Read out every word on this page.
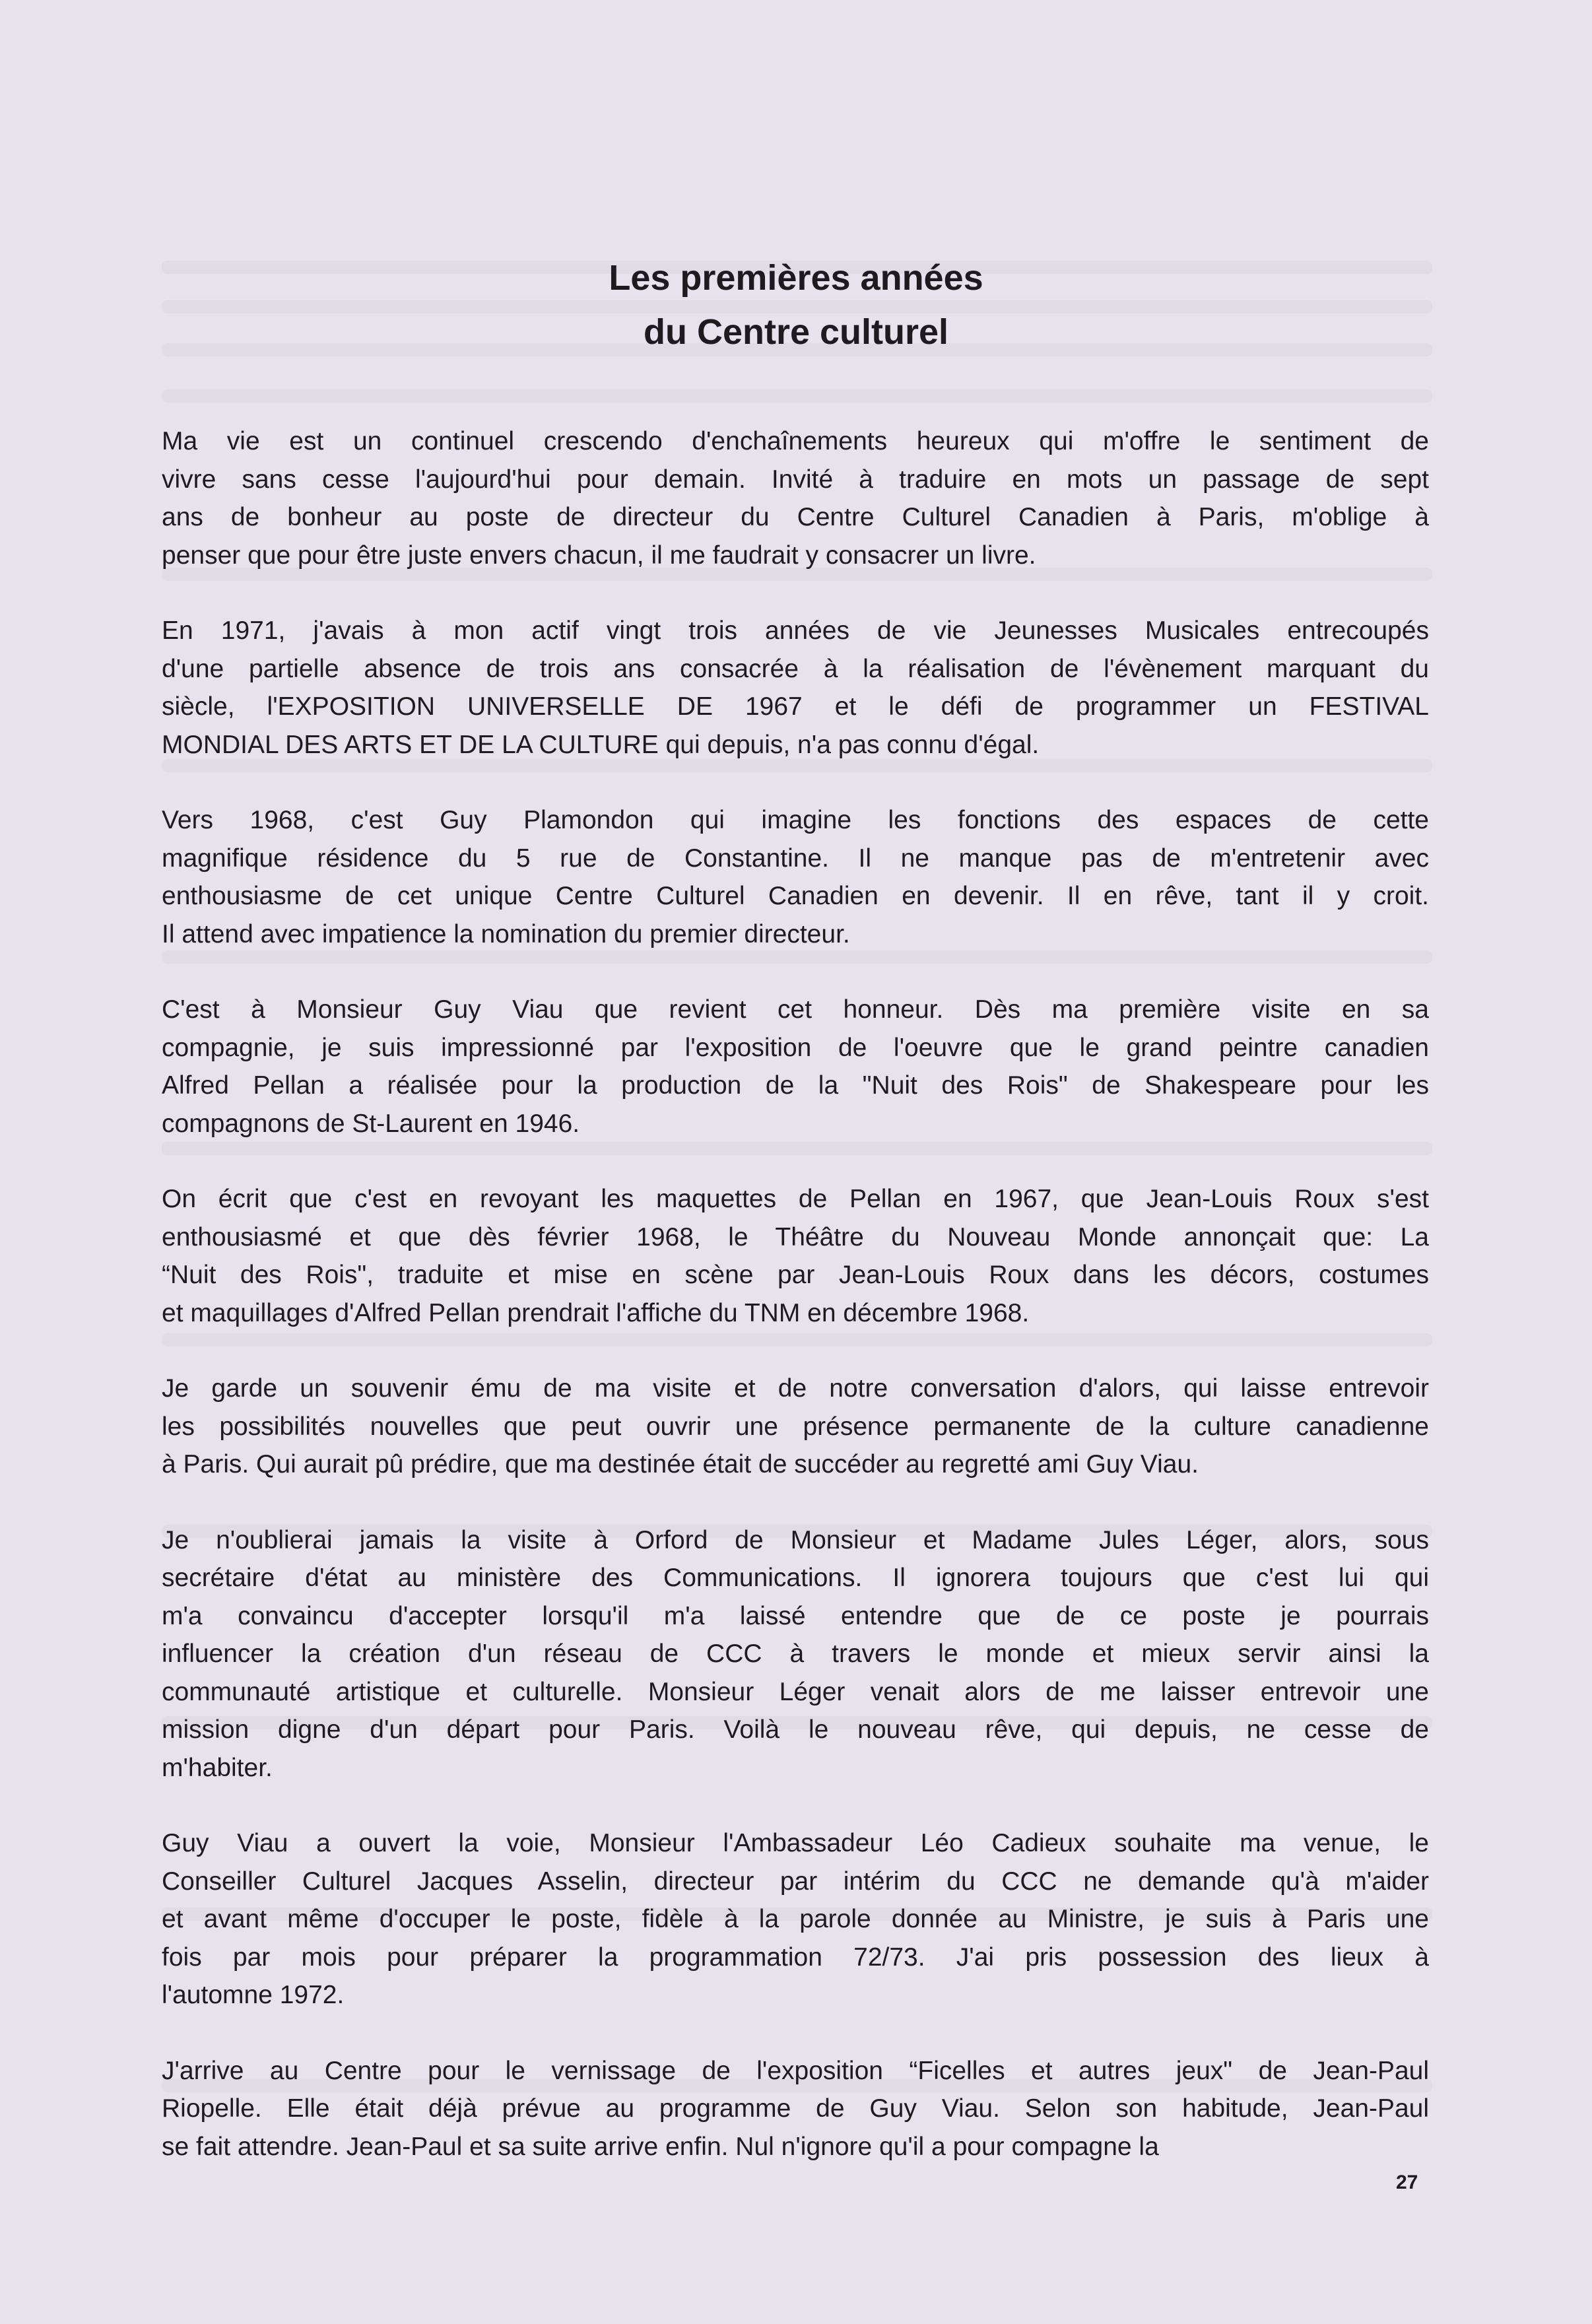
Les premières années
du Centre culturel

Ma vie est un continuel crescendo d'enchaînements heureux qui m'offre le sentiment de
vivre sans cesse l'aujourd'hui pour demain. Invité à traduire en mots un passage de sept
ans de bonheur au poste de directeur du Centre Culturel Canadien à Paris, m'oblige à
penser que pour être juste envers chacun, il me faudrait y consacrer un livre.

En 1971, j'avais à mon actif vingt trois années de vie Jeunesses Musicales entrecoupés
d'une partielle absence de trois ans consacrée à la réalisation de l'évènement marquant du
siècle, l'EXPOSITION UNIVERSELLE DE 1967 et le défi de programmer un FESTIVAL
MONDIAL DES ARTS ET DE LA CULTURE qui depuis, n'a pas connu d'égal.

Vers 1968, c'est Guy Plamondon qui imagine les fonctions des espaces de cette
magnifique résidence du 5 rue de Constantine. Il ne manque pas de m'entretenir avec
enthousiasme de cet unique Centre Culturel Canadien en devenir. Il en rêve, tant il y croit.
Il attend avec impatience la nomination du premier directeur.

C'est à Monsieur Guy Viau que revient cet honneur. Dès ma première visite en sa
compagnie, je suis impressionné par l'exposition de l'oeuvre que le grand peintre canadien
Alfred Pellan a réalisée pour la production de la "Nuit des Rois" de Shakespeare pour les
compagnons de St-Laurent en 1946.

On écrit que c'est en revoyant les maquettes de Pellan en 1967, que Jean-Louis Roux s'est
enthousiasmé et que dès février 1968, le Théâtre du Nouveau Monde annonçait que: La
“Nuit des Rois", traduite et mise en scène par Jean-Louis Roux dans les décors, costumes
et maquillages d'Alfred Pellan prendrait l'affiche du TNM en décembre 1968.

Je garde un souvenir ému de ma visite et de notre conversation d'alors, qui laisse entrevoir
les possibilités nouvelles que peut ouvrir une présence permanente de la culture canadienne
à Paris. Qui aurait pû prédire, que ma destinée était de succéder au regretté ami Guy Viau.

Je n'oublierai jamais la visite à Orford de Monsieur et Madame Jules Léger, alors, sous
secrétaire d'état au ministère des Communications. Il ignorera toujours que c'est lui qui
m'a convaincu d'accepter lorsqu'il m'a laissé entendre que de ce poste je pourrais
influencer la création d'un réseau de CCC à travers le monde et mieux servir ainsi la
communauté artistique et culturelle. Monsieur Léger venait alors de me laisser entrevoir une
mission digne d'un départ pour Paris. Voilà le nouveau rêve, qui depuis, ne cesse de
m'habiter.

Guy Viau a ouvert la voie, Monsieur l'Ambassadeur Léo Cadieux souhaite ma venue, le
Conseiller Culturel Jacques Asselin, directeur par intérim du CCC ne demande qu'à m'aider
et avant même d'occuper le poste, fidèle à la parole donnée au Ministre, je suis à Paris une
fois par mois pour préparer la programmation 72/73. J'ai pris possession des lieux à
l'automne 1972.

J'arrive au Centre pour le vernissage de l'exposition “Ficelles et autres jeux" de Jean-Paul
Riopelle. Elle était déjà prévue au programme de Guy Viau. Selon son habitude, Jean-Paul
se fait attendre. Jean-Paul et sa suite arrive enfin. Nul n'ignore qu'il a pour compagne la

27
